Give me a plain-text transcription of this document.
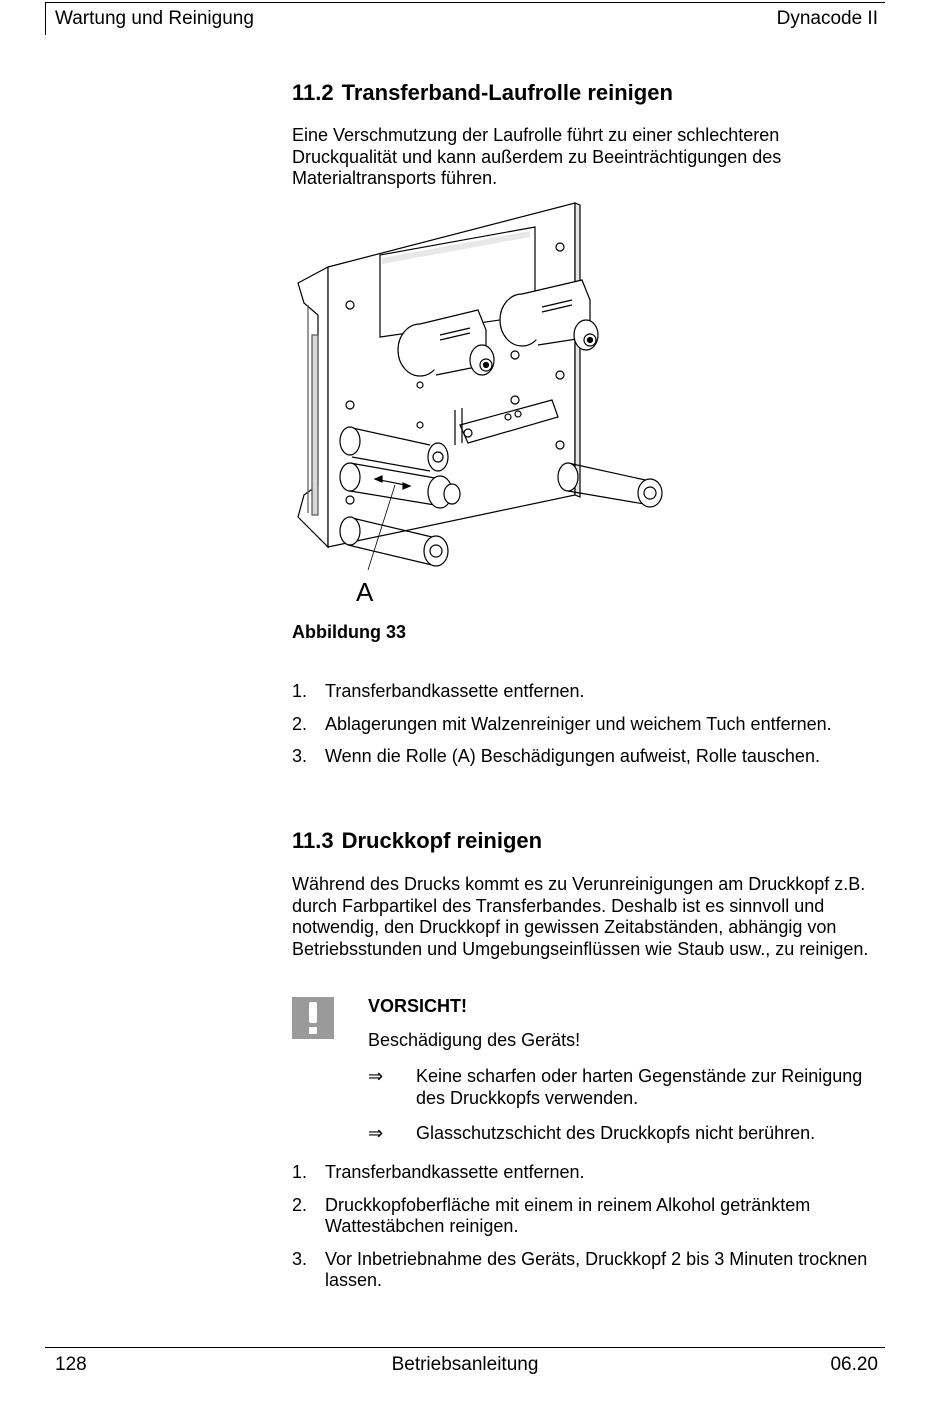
Wartung und Reinigung	Dynacode II
11.2 Transferband-Laufrolle reinigen

Eine Verschmutzung der Laufrolle führt zu einer schlechteren Druckqualität und kann außerdem zu Beeinträchtigungen des Materialtransports führen.

A
Abbildung 33
1. Transferbandkassette entfernen.
2. Ablagerungen mit Walzenreiniger und weichem Tuch entfernen.
3. Wenn die Rolle (A) Beschädigungen aufweist, Rolle tauschen.
11.3 Druckkopf reinigen

Während des Drucks kommt es zu Verunreinigungen am Druckkopf z.B. durch Farbpartikel des Transferbandes. Deshalb ist es sinnvoll und notwendig, den Druckkopf in gewissen Zeitabständen, abhängig von Betriebsstunden und Umgebungseinflüssen wie Staub usw., zu reinigen.

VORSICHT!
Beschädigung des Geräts!
⇒ Keine scharfen oder harten Gegenstände zur Reinigung des Druckkopfs verwenden.
⇒ Glasschutzschicht des Druckkopfs nicht berühren.
1. Transferbandkassette entfernen.
2. Druckkopfoberfläche mit einem in reinem Alkohol getränktem Wattestäbchen reinigen.
3. Vor Inbetriebnahme des Geräts, Druckkopf 2 bis 3 Minuten trocknen lassen.
128	Betriebsanleitung	06.20
